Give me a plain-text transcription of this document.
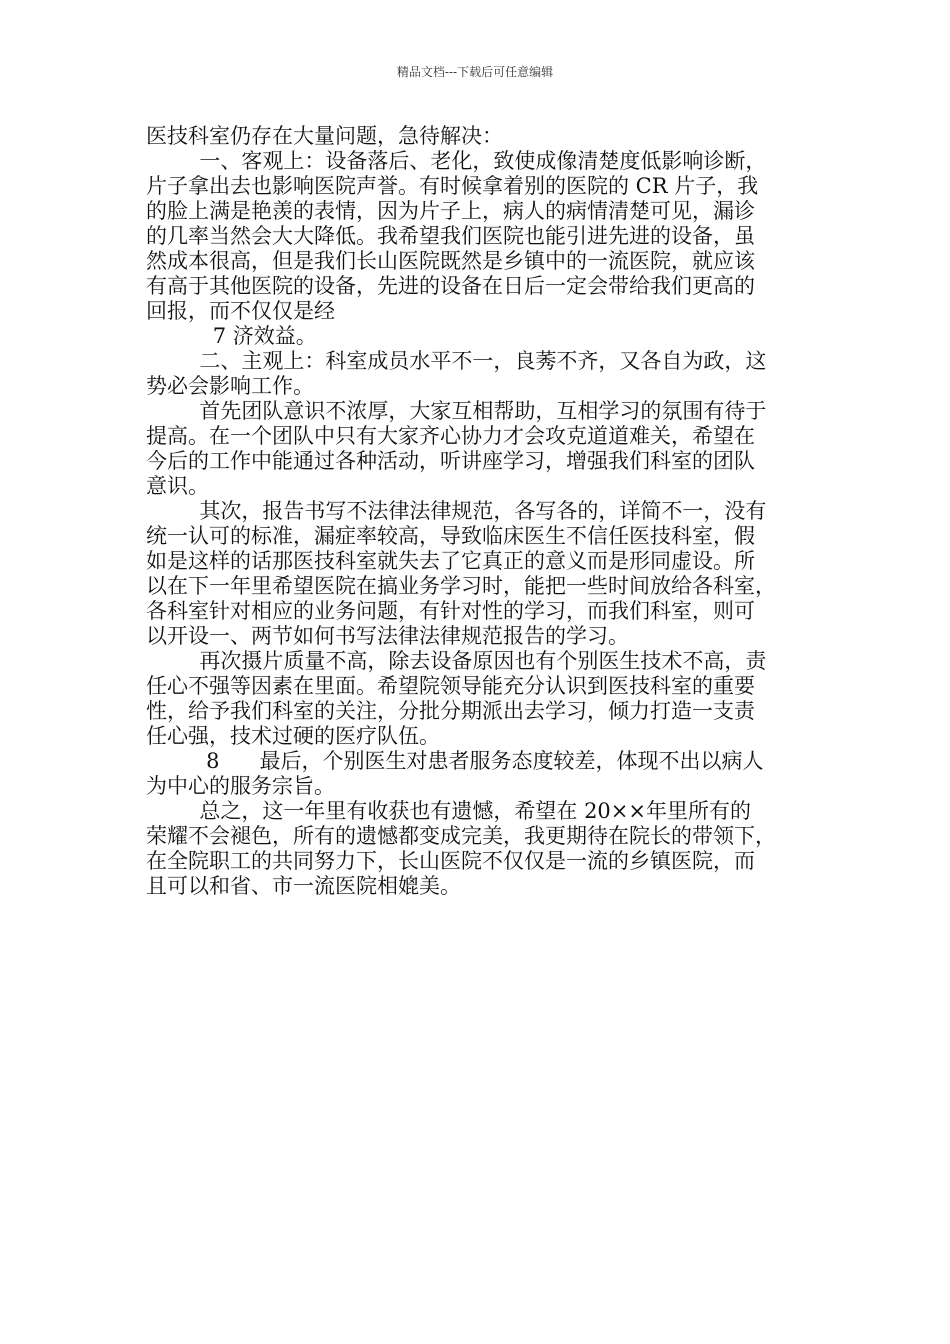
精品文档---下载后可任意编辑
医技科室仍存在大量问题，急待解决：
一、客观上：设备落后、老化，致使成像清楚度低影响诊断，
片子拿出去也影响医院声誉。有时候拿着别的医院的 CR 片子，我
的脸上满是艳羡的表情，因为片子上，病人的病情清楚可见，漏诊
的几率当然会大大降低。我希望我们医院也能引进先进的设备，虽
然成本很高，但是我们长山医院既然是乡镇中的一流医院，就应该
有高于其他医院的设备，先进的设备在日后一定会带给我们更高的
回报，而不仅仅是经
7 济效益。
二、主观上：科室成员水平不一，良莠不齐，又各自为政，这
势必会影响工作。
首先团队意识不浓厚，大家互相帮助，互相学习的氛围有待于
提高。在一个团队中只有大家齐心协力才会攻克道道难关，希望在
今后的工作中能通过各种活动，听讲座学习，增强我们科室的团队
意识。
其次，报告书写不法律法律规范，各写各的，详简不一，没有
统一认可的标准，漏症率较高，导致临床医生不信任医技科室，假
如是这样的话那医技科室就失去了它真正的意义而是形同虚设。所
以在下一年里希望医院在搞业务学习时，能把一些时间放给各科室，
各科室针对相应的业务问题，有针对性的学习，而我们科室，则可
以开设一、两节如何书写法律法律规范报告的学习。
再次摄片质量不高，除去设备原因也有个别医生技术不高，责
任心不强等因素在里面。希望院领导能充分认识到医技科室的重要
性，给予我们科室的关注，分批分期派出去学习，倾力打造一支责
任心强，技术过硬的医疗队伍。
8      最后，个别医生对患者服务态度较差，体现不出以病人
为中心的服务宗旨。
总之，这一年里有收获也有遗憾，希望在 20××年里所有的
荣耀不会褪色，所有的遗憾都变成完美，我更期待在院长的带领下，
在全院职工的共同努力下，长山医院不仅仅是一流的乡镇医院，而
且可以和省、市一流医院相媲美。
